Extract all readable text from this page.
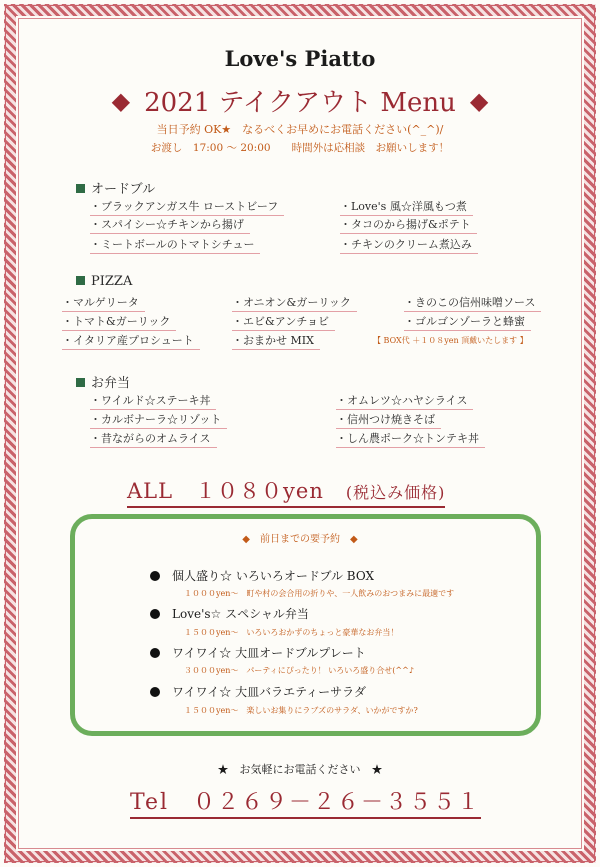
Love's Piatto
◆ 2021 テイクアウト Menu ◆
当日予約 OK★　なるべくお早めにお電話ください(^_^)/
お渡し　17:00 〜 20:00　　時間外は応相談　お願いします！
オードブル
・ブラックアンガス牛 ローストビーフ
・スパイシー☆チキンから揚げ
・ミートボールのトマトシチュー
・Love's 風☆洋風もつ煮
・タコのから揚げ&ポテト
・チキンのクリーム煮込み
PIZZA
・マルゲリータ
・トマト&ガーリック
・イタリア産プロシュート
・オニオン&ガーリック
・エビ&アンチョビ
・おまかせ MIX
・きのこの信州味噌ソース
・ゴルゴンゾーラと蜂蜜
【 BOX代 ＋１０８yen 頂戴いたします 】
お弁当
・ワイルド☆ステーキ丼
・カルボナーラ☆リゾット
・昔ながらのオムライス
・オムレツ☆ハヤシライス
・信州つけ焼きそば
・しん農ポーク☆トンテキ丼
ALL　１０８０yen (税込み価格)
◆　前日までの要予約　◆
個人盛り☆ いろいろオードブル BOX
１０００yen〜　町や村の会合用の折りや、一人飲みのおつまみに最適です
Love's☆ スペシャル弁当
１５００yen〜　いろいろおかずのちょっと豪華なお弁当！
ワイワイ☆ 大皿オードブルプレート
３０００yen〜　パーティにぴったり！ いろいろ盛り合せ(^^♪
ワイワイ☆ 大皿バラエティーサラダ
１５００yen〜　楽しいお集りにラブズのサラダ、いかがですか?
★　お気軽にお電話ください　★
Tel　０２６９－２６－３５５１
